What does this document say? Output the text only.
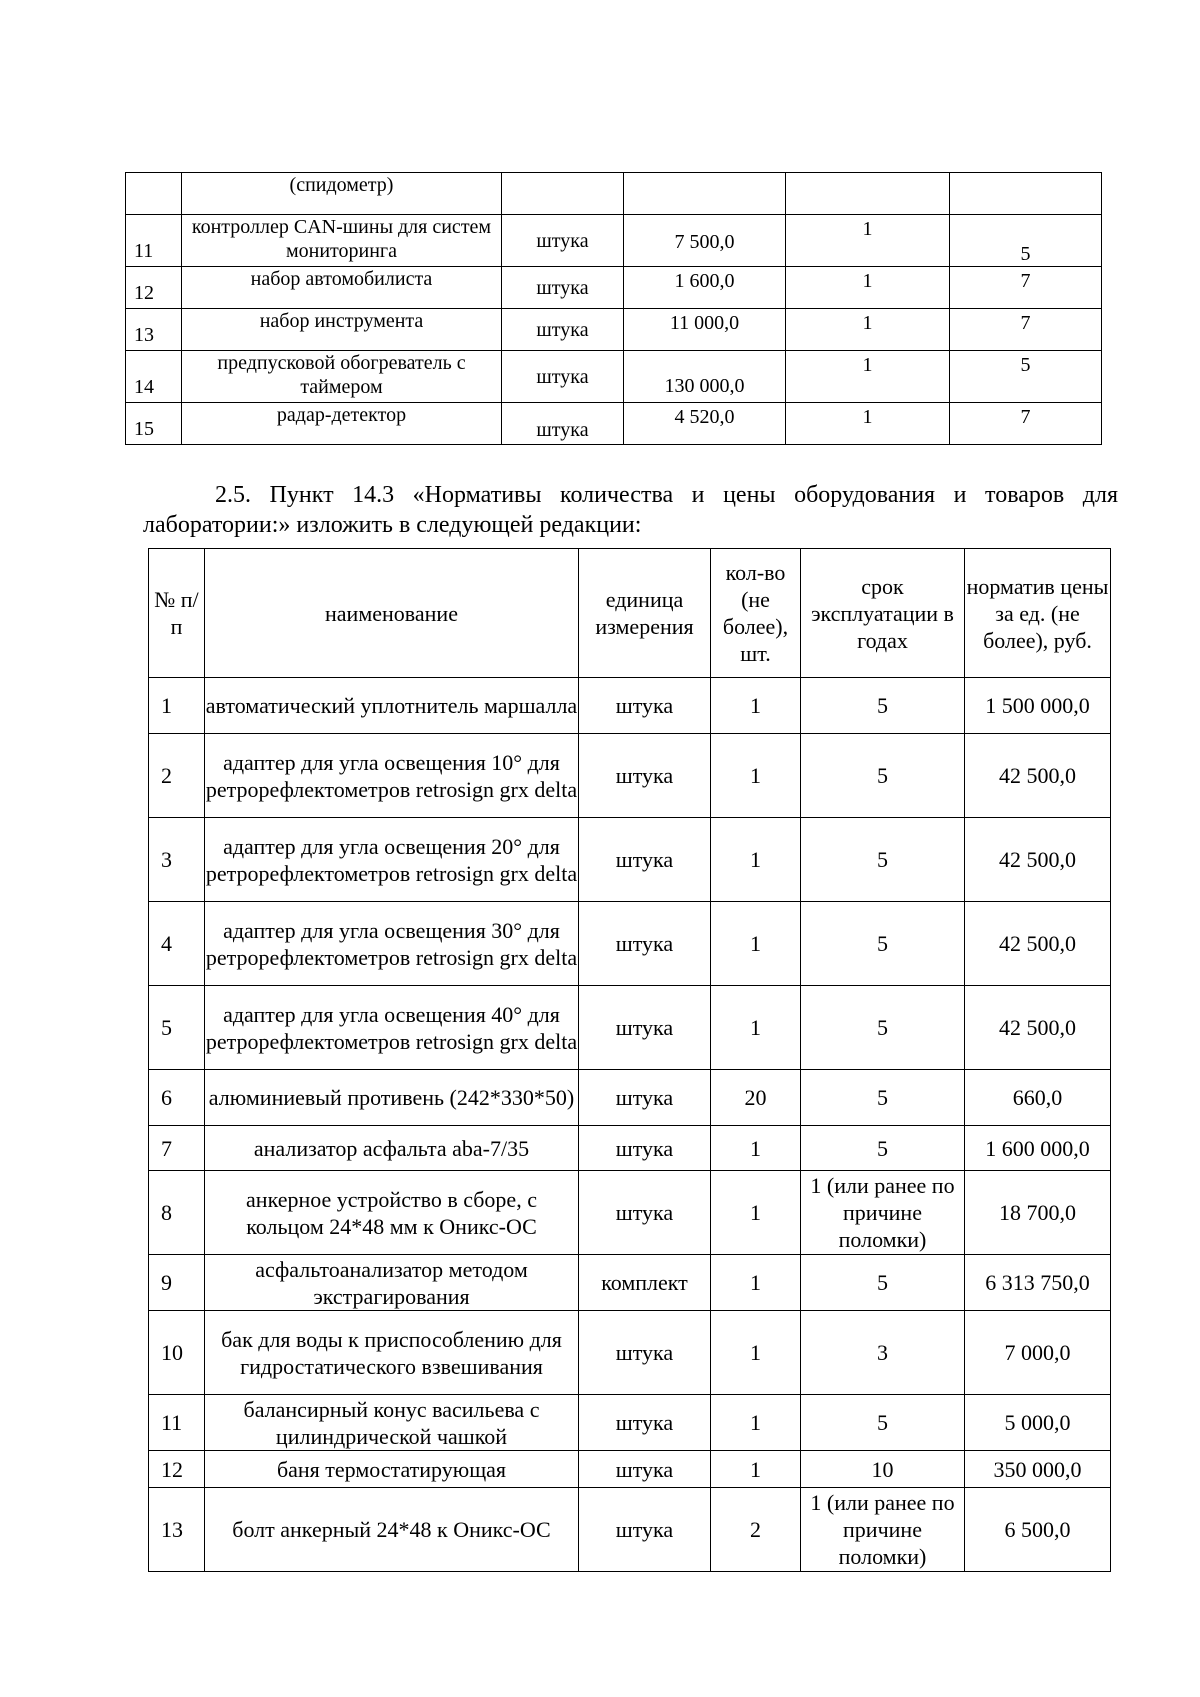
	(спидометр)				
11	контроллер CAN-шины для систем мониторинга	штука	7 500,0	1	5
12	набор автомобилиста	штука	1 600,0	1	7
13	набор инструмента	штука	11 000,0	1	7
14	предпусковой обогреватель с таймером	штука	130 000,0	1	5
15	радар-детектор	штука	4 520,0	1	7
2.5. Пункт 14.3 «Нормативы количества и цены оборудования и товаров для
лаборатории:» изложить в следующей редакции:
№ п/п	наименование	единица измерения	кол-во (не более), шт.	срок эксплуатации в годах	норматив цены за ед. (не более), руб.
1	автоматический уплотнитель маршалла	штука	1	5	1 500 000,0
2	адаптер для угла освещения 10° для ретрорефлектометров retrosign grx delta	штука	1	5	42 500,0
3	адаптер для угла освещения 20° для ретрорефлектометров retrosign grx delta	штука	1	5	42 500,0
4	адаптер для угла освещения 30° для ретрорефлектометров retrosign grx delta	штука	1	5	42 500,0
5	адаптер для угла освещения 40° для ретрорефлектометров retrosign grx delta	штука	1	5	42 500,0
6	алюминиевый противень (242*330*50)	штука	20	5	660,0
7	анализатор асфальта aba-7/35	штука	1	5	1 600 000,0
8	анкерное устройство в сборе, с кольцом 24*48 мм к Оникс-ОС	штука	1	1 (или ранее по причине поломки)	18 700,0
9	асфальтоанализатор методом экстрагирования	комплект	1	5	6 313 750,0
10	бак для воды к приспособлению для гидростатического взвешивания	штука	1	3	7 000,0
11	балансирный конус васильева с цилиндрической чашкой	штука	1	5	5 000,0
12	баня термостатирующая	штука	1	10	350 000,0
13	болт анкерный 24*48 к Оникс-ОС	штука	2	1 (или ранее по причине поломки)	6 500,0
